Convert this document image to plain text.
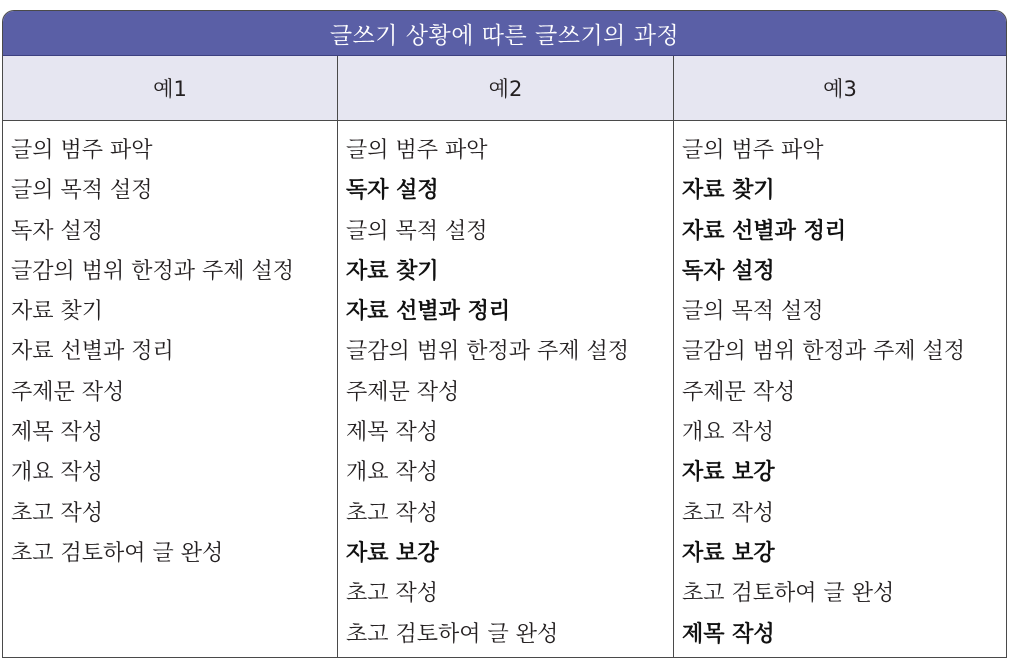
글쓰기 상황에 따른 글쓰기의 과정
예1	예2	예3
글의 범주 파악
글의 목적 설정
독자 설정
글감의 범위 한정과 주제 설정
자료 찾기
자료 선별과 정리
주제문 작성
제목 작성
개요 작성
초고 작성
초고 검토하여 글 완성
글의 범주 파악
독자 설정
글의 목적 설정
자료 찾기
자료 선별과 정리
글감의 범위 한정과 주제 설정
주제문 작성
제목 작성
개요 작성
초고 작성
자료 보강
초고 작성
초고 검토하여 글 완성
글의 범주 파악
자료 찾기
자료 선별과 정리
독자 설정
글의 목적 설정
글감의 범위 한정과 주제 설정
주제문 작성
개요 작성
자료 보강
초고 작성
자료 보강
초고 검토하여 글 완성
제목 작성
